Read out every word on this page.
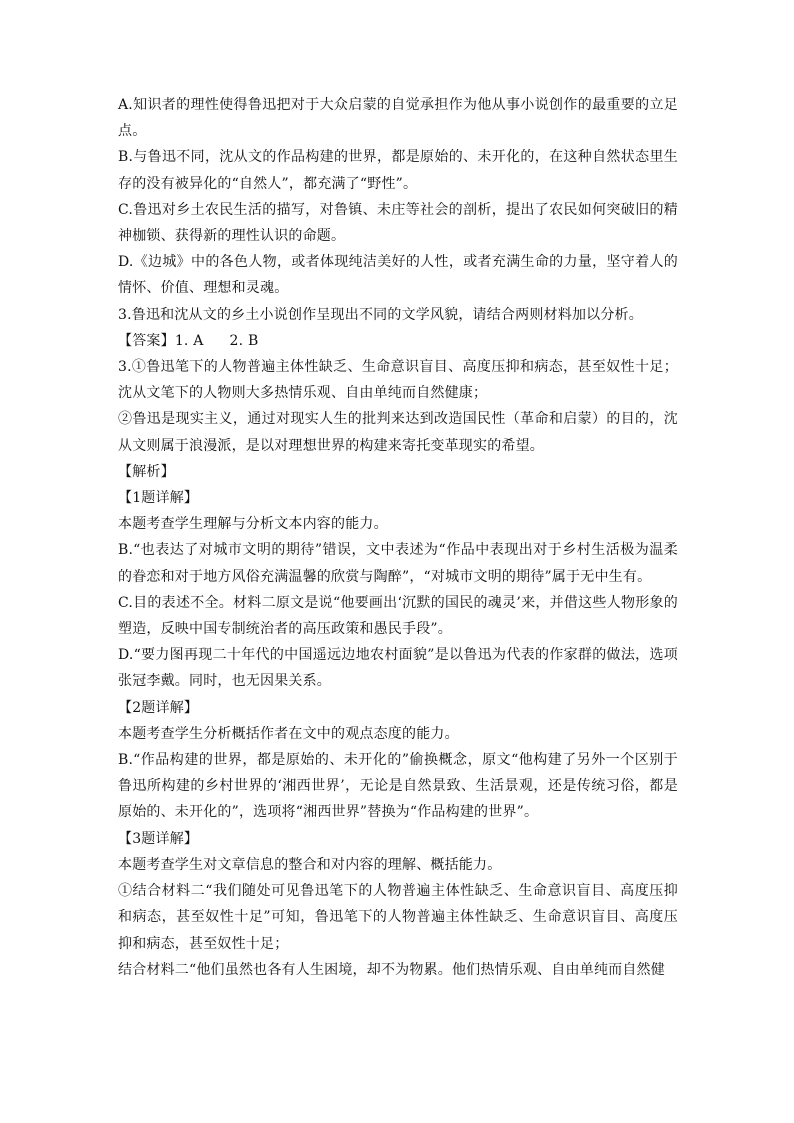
A.知识者的理性使得鲁迅把对于大众启蒙的自觉承担作为他从事小说创作的最重要的立足点。

B.与鲁迅不同，沈从文的作品构建的世界，都是原始的、未开化的，在这种自然状态里生存的没有被异化的“自然人”，都充满了“野性”。

C.鲁迅对乡土农民生活的描写，对鲁镇、未庄等社会的剖析，提出了农民如何突破旧的精神枷锁、获得新的理性认识的命题。

D.《边城》中的各色人物，或者体现纯洁美好的人性，或者充满生命的力量，坚守着人的情怀、价值、理想和灵魂。

3.鲁迅和沈从文的乡土小说创作呈现出不同的文学风貌，请结合两则材料加以分析。

【答案】1. A 2. B

3.①鲁迅笔下的人物普遍主体性缺乏、生命意识盲目、高度压抑和病态，甚至奴性十足；沈从文笔下的人物则大多热情乐观、自由单纯而自然健康；

②鲁迅是现实主义，通过对现实人生的批判来达到改造国民性（革命和启蒙）的目的，沈从文则属于浪漫派，是以对理想世界的构建来寄托变革现实的希望。

【解析】

【1题详解】

本题考查学生理解与分析文本内容的能力。

B.“也表达了对城市文明的期待”错误，文中表述为“作品中表现出对于乡村生活极为温柔的眷恋和对于地方风俗充满温馨的欣赏与陶醉”，“对城市文明的期待”属于无中生有。

C.目的表述不全。材料二原文是说“他要画出‘沉默的国民的魂灵’来，并借这些人物形象的塑造，反映中国专制统治者的高压政策和愚民手段”。

D.“要力图再现二十年代的中国遥远边地农村面貌”是以鲁迅为代表的作家群的做法，选项张冠李戴。同时，也无因果关系。

【2题详解】

本题考查学生分析概括作者在文中的观点态度的能力。

B.“作品构建的世界，都是原始的、未开化的”偷换概念，原文“他构建了另外一个区别于鲁迅所构建的乡村世界的‘湘西世界’，无论是自然景致、生活景观，还是传统习俗，都是原始的、未开化的”，选项将“湘西世界”替换为“作品构建的世界”。

【3题详解】

本题考查学生对文章信息的整合和对内容的理解、概括能力。

①结合材料二“我们随处可见鲁迅笔下的人物普遍主体性缺乏、生命意识盲目、高度压抑和病态，甚至奴性十足”可知，鲁迅笔下的人物普遍主体性缺乏、生命意识盲目、高度压抑和病态，甚至奴性十足；

结合材料二“他们虽然也各有人生困境，却不为物累。他们热情乐观、自由单纯而自然健
